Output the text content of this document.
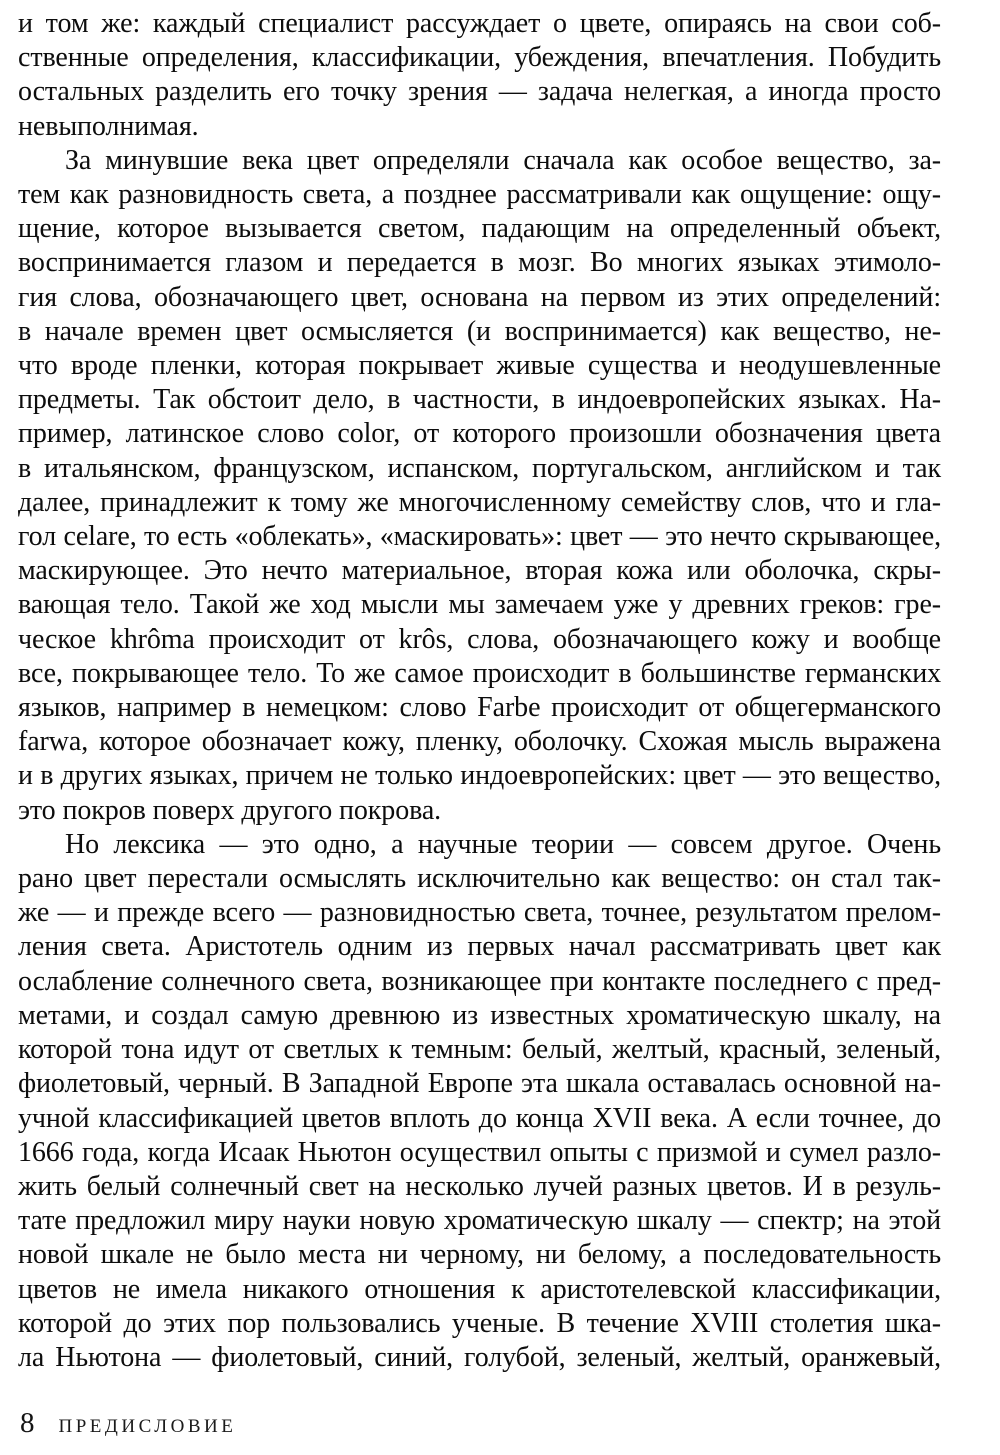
и том же: каждый специалист рассуждает о цвете, опираясь на свои соб-
ственные определения, классификации, убеждения, впечатления. Побудить
остальных разделить его точку зрения — задача нелегкая, а иногда просто
невыполнимая.
За минувшие века цвет определяли сначала как особое вещество, за-
тем как разновидность света, а позднее рассматривали как ощущение: ощу-
щение, которое вызывается светом, падающим на определенный объект,
воспринимается глазом и передается в мозг. Во многих языках этимоло-
гия слова, обозначающего цвет, основана на первом из этих определений:
в начале времен цвет осмысляется (и воспринимается) как вещество, не-
что вроде пленки, которая покрывает живые существа и неодушевленные
предметы. Так обстоит дело, в частности, в индоевропейских языках. На-
пример, латинское слово color, от которого произошли обозначения цвета
в итальянском, французском, испанском, португальском, английском и так
далее, принадлежит к тому же многочисленному семейству слов, что и гла-
гол celare, то есть «облекать», «маскировать»: цвет — это нечто скрывающее,
маскирующее. Это нечто материальное, вторая кожа или оболочка, скры-
вающая тело. Такой же ход мысли мы замечаем уже у древних греков: гре-
ческое khrôma происходит от krôs, слова, обозначающего кожу и вообще
все, покрывающее тело. То же самое происходит в большинстве германских
языков, например в немецком: слово Farbe происходит от общегерманского
farwa, которое обозначает кожу, пленку, оболочку. Схожая мысль выражена
и в других языках, причем не только индоевропейских: цвет — это вещество,
это покров поверх другого покрова.
Но лексика — это одно, а научные теории — совсем другое. Очень
рано цвет перестали осмыслять исключительно как вещество: он стал так-
же — и прежде всего — разновидностью света, точнее, результатом прелом-
ления света. Аристотель одним из первых начал рассматривать цвет как
ослабление солнечного света, возникающее при контакте последнего с пред-
метами, и создал самую древнюю из известных хроматическую шкалу, на
которой тона идут от светлых к темным: белый, желтый, красный, зеленый,
фиолетовый, черный. В Западной Европе эта шкала оставалась основной на-
учной классификацией цветов вплоть до конца XVII века. А если точнее, до
1666 года, когда Исаак Ньютон осуществил опыты с призмой и сумел разло-
жить белый солнечный свет на несколько лучей разных цветов. И в резуль-
тате предложил миру науки новую хроматическую шкалу — спектр; на этой
новой шкале не было места ни черному, ни белому, а последовательность
цветов не имела никакого отношения к аристотелевской классификации,
которой до этих пор пользовались ученые. В течение XVIII столетия шка-
ла Ньютона — фиолетовый, синий, голубой, зеленый, желтый, оранжевый,
8 ПРЕДИСЛОВИЕ
